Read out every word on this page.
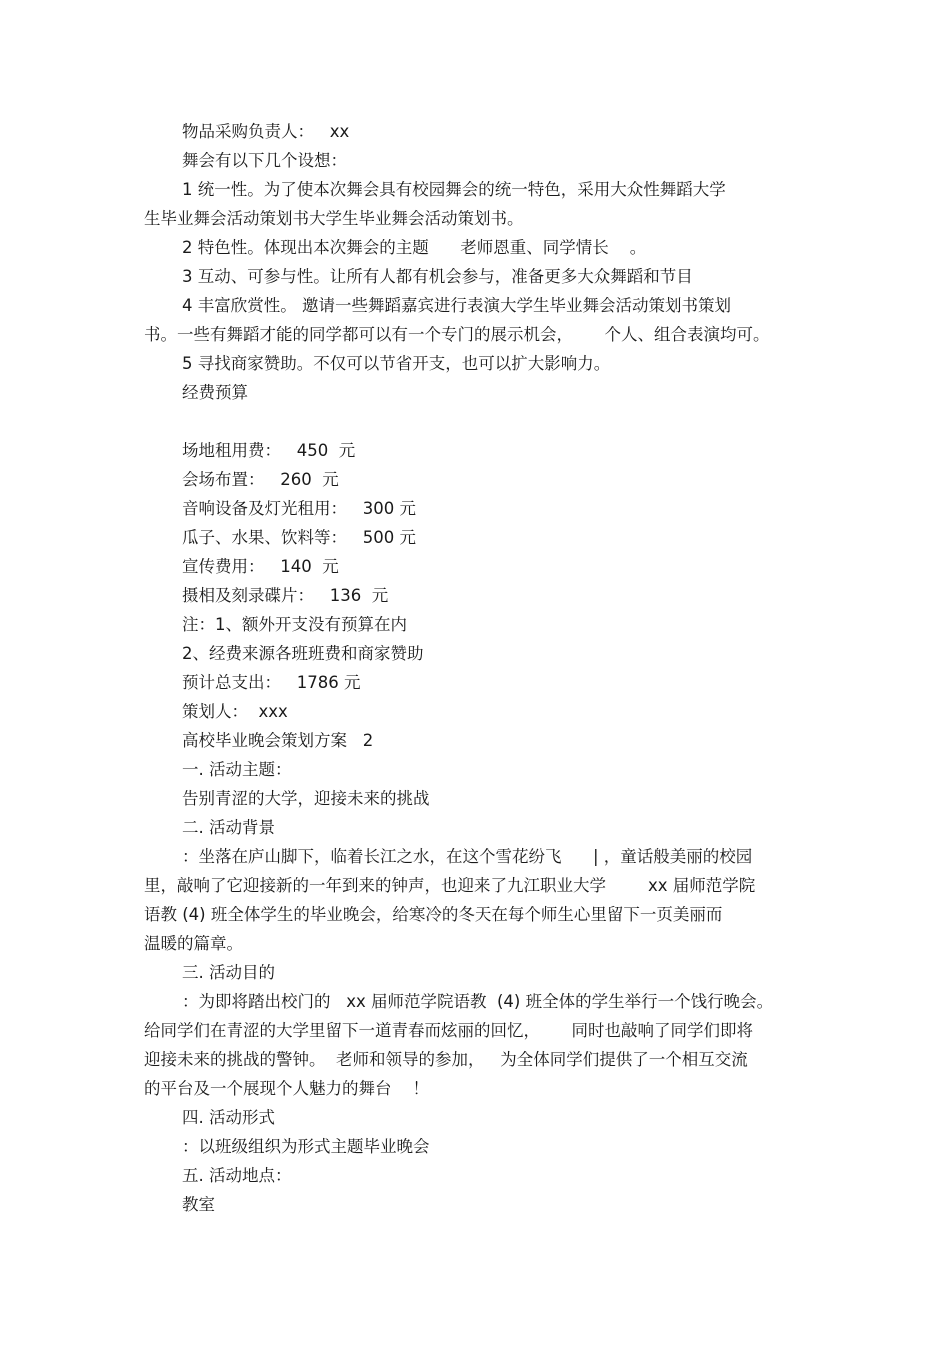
物品采购负责人：   xx
舞会有以下几个设想：
1 统一性。为了使本次舞会具有校园舞会的统一特色，采用大众性舞蹈大学
生毕业舞会活动策划书大学生毕业舞会活动策划书。
2 特色性。体现出本次舞会的主题      老师恩重、同学情长    。
3 互动、可参与性。让所有人都有机会参与，准备更多大众舞蹈和节目
4 丰富欣赏性。 邀请一些舞蹈嘉宾进行表演大学生毕业舞会活动策划书策划
书。一些有舞蹈才能的同学都可以有一个专门的展示机会，      个人、组合表演均可。
5 寻找商家赞助。不仅可以节省开支，也可以扩大影响力。
经费预算
场地租用费：   450  元
会场布置：   260  元
音响设备及灯光租用：   300 元
瓜子、水果、饮料等：   500 元
宣传费用：   140  元
摄相及刻录碟片：   136  元
注：1、额外开支没有预算在内
2、经费来源各班班费和商家赞助
预计总支出：   1786 元
策划人：  xxx
高校毕业晚会策划方案   2
一. 活动主题：
告别青涩的大学，迎接未来的挑战
二. 活动背景
：坐落在庐山脚下，临着长江之水，在这个雪花纷飞      | ，童话般美丽的校园
里，敲响了它迎接新的一年到来的钟声，也迎来了九江职业大学        xx 届师范学院
语教 (4) 班全体学生的毕业晚会，给寒冷的冬天在每个师生心里留下一页美丽而
温暖的篇章。
三. 活动目的
：为即将踏出校门的   xx 届师范学院语教  (4) 班全体的学生举行一个饯行晚会。
给同学们在青涩的大学里留下一道青春而炫丽的回忆，      同时也敲响了同学们即将
迎接未来的挑战的警钟。  老师和领导的参加，   为全体同学们提供了一个相互交流
的平台及一个展现个人魅力的舞台    ！
四. 活动形式
：以班级组织为形式主题毕业晚会
五. 活动地点：
教室
